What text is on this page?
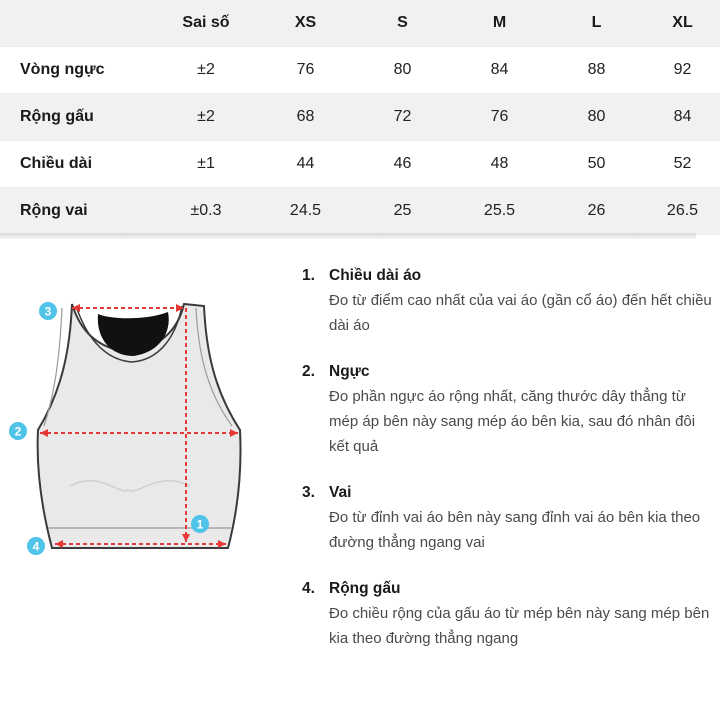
	Sai số	XS	S	M	L	XL
Vòng ngực	±2	76	80	84	88	92
Rộng gấu	±2	68	72	76	80	84
Chiều dài	±1	44	46	48	50	52
Rộng vai	±0.3	24.5	25	25.5	26	26.5
1
2
3
4
1. Chiều dài áo
Đo từ điểm cao nhất của vai áo (gần cổ áo) đến hết chiều dài áo
2. Ngực
Đo phần ngực áo rộng nhất, căng thước dây thẳng từ mép áp bên này sang mép áo bên kia, sau đó nhân đôi kết quả
3. Vai
Đo từ đỉnh vai áo bên này sang đỉnh vai áo bên kia theo đường thẳng ngang vai
4. Rộng gấu
Đo chiều rộng của gấu áo từ mép bên này sang mép bên kia theo đường thẳng ngang
